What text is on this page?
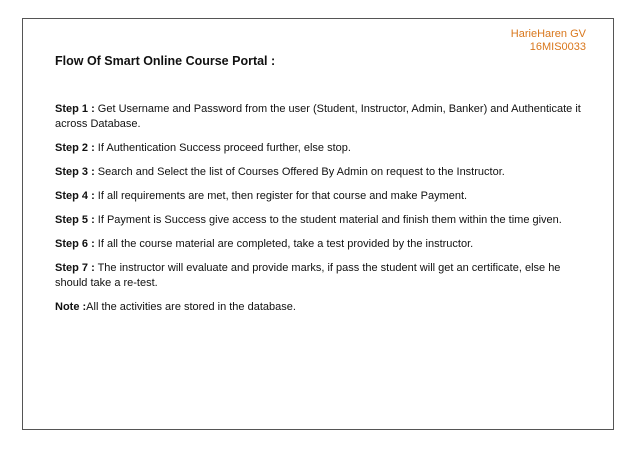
HarieHaren GV
16MIS0033
Flow Of Smart Online Course Portal :

Step 1 : Get Username and Password from the user (Student, Instructor, Admin, Banker) and Authenticate it across Database.

Step 2 : If Authentication Success proceed further, else stop.

Step 3 : Search and Select the list of Courses Offered By Admin on request to the Instructor.

Step 4 : If all requirements are met, then register for that course and make Payment.

Step 5 : If Payment is Success give access to the student material and finish them within the time given.

Step 6 : If all the course material are completed, take a test provided by the instructor.

Step 7 : The instructor will evaluate and provide marks, if pass the student will get an certificate, else he should take a re-test.

Note :All the activities are stored in the database.
